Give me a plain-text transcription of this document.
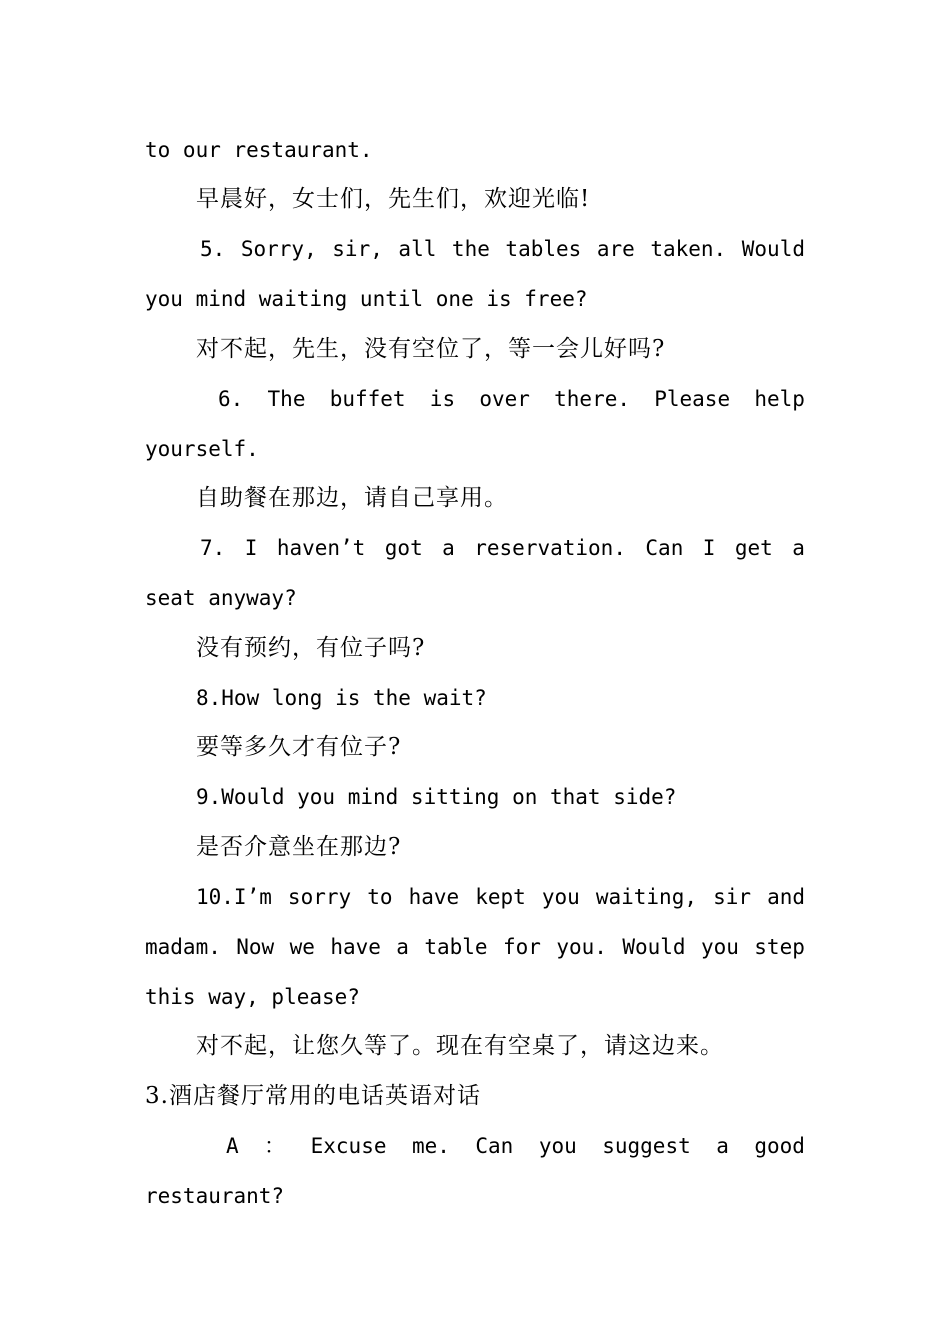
to our restaurant.
早晨好，女士们，先生们，欢迎光临!
5. Sorry, sir, all the tables are taken. Would
you mind waiting until one is free?
对不起，先生，没有空位了，等一会儿好吗?
6. The buffet is over there. Please help
yourself.
自助餐在那边，请自己享用。
7. I haven’t got a reservation. Can I get a
seat anyway?
没有预约，有位子吗?
8.How long is the wait?
要等多久才有位子?
9.Would you mind sitting on that side?
是否介意坐在那边?
10.I’m sorry to have kept you waiting, sir and
madam. Now we have a table for you. Would you step
this way, please?
对不起，让您久等了。现在有空桌了，请这边来。
3.酒店餐厅常用的电话英语对话
A ： Excuse me. Can you suggest a good
restaurant?
